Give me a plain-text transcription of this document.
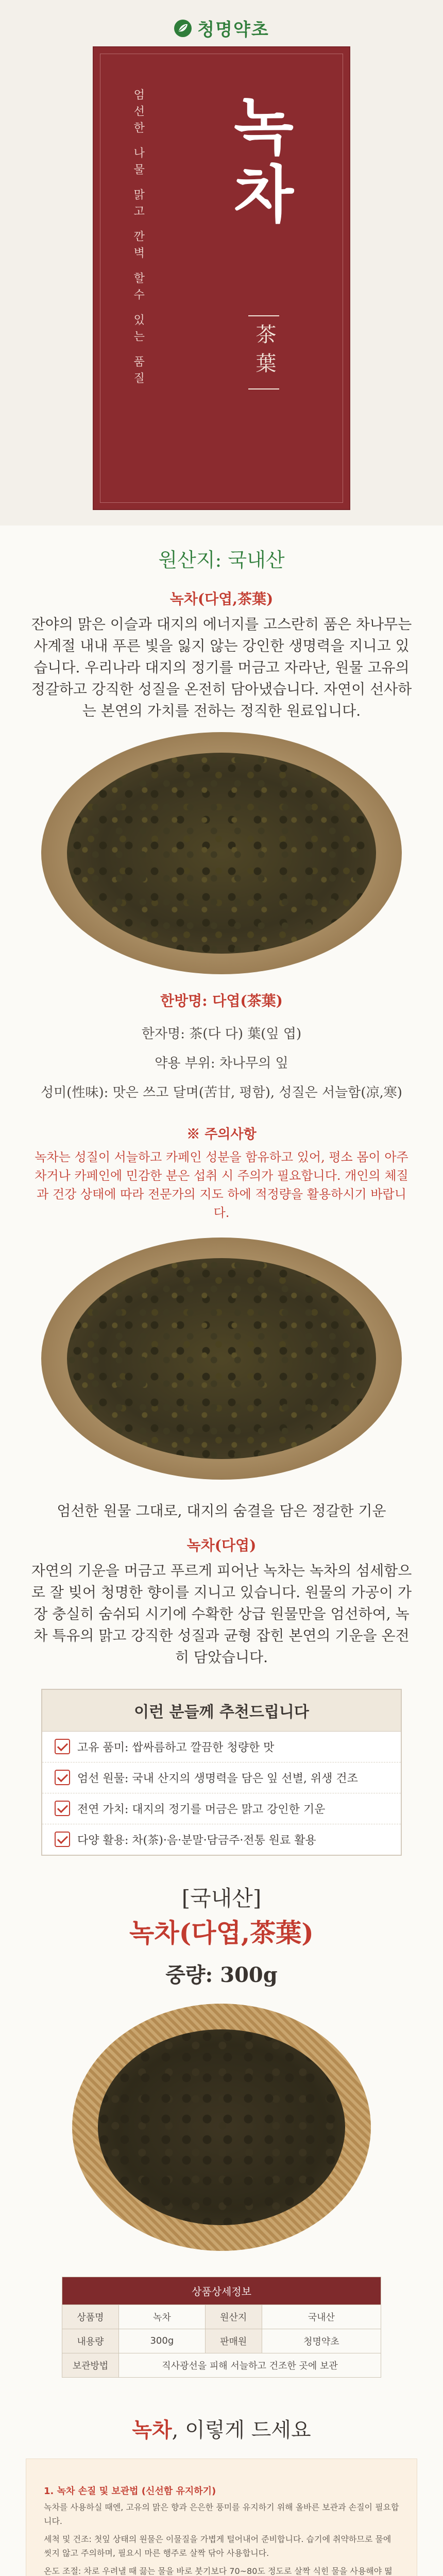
청명약초
엄선한 나물 맑고 깐벽 할수 있는 품질 녹차
茶葉
원산지: 국내산
녹차(다엽,茶葉)
잔야의 맑은 이슬과 대지의 에너지를 고스란히 품은 차나무는 사계절 내내 푸른 빛을 잃지 않는 강인한 생명력을 지니고 있습니다. 우리나라 대지의 정기를 머금고 자라난, 원물 고유의 정갈하고 강직한 성질을 온전히 담아냈습니다. 자연이 선사하는 본연의 가치를 전하는 정직한 원료입니다.
한방명: 다엽(茶葉)

한자명: 茶(다 다) 葉(잎 엽)

약용 부위: 차나무의 잎

성미(性味): 맛은 쓰고 달며(苦甘, 평함), 성질은 서늘함(凉,寒)

※ 주의사항
녹차는 성질이 서늘하고 카페인 성분을 함유하고 있어, 평소 몸이 아주 차거나 카페인에 민감한 분은 섭취 시 주의가 필요합니다. 개인의 체질과 건강 상태에 따라 전문가의 지도 하에 적정량을 활용하시기 바랍니다.
엄선한 원물 그대로, 대지의 숨결을 담은 정갈한 기운
녹차(다엽)
자연의 기운을 머금고 푸르게 피어난 녹차는 녹차의 섬세함으로 잘 빚어 청명한 향이를 지니고 있습니다. 원물의 가공이 가장 충실히 숨쉬되 시기에 수확한 상급 원물만을 엄선하여, 녹차 특유의 맑고 강직한 성질과 균형 잡힌 본연의 기운을 온전히 담았습니다.
이런 분들께 추천드립니다
고유 품미: 쌉싸름하고 깔끔한 청량한 맛
엄선 원물: 국내 산지의 생명력을 담은 잎 선별, 위생 건조
전연 가치: 대지의 정기를 머금은 맑고 강인한 기운
다양 활용: 차(茶)·음·분말·담금주·전통 원료 활용
[국내산]
녹차(다엽,茶葉)
중량: 300g
상품상세정보			
상품명	녹차	원산지	국내산
내용량	300g	판매원	청명약초
보관방법	직사광선을 피해 서늘하고 건조한 곳에 보관		
녹차, 이렇게 드세요
1. 녹차 손질 및 보관법 (신선함 유지하기)

녹차를 사용하실 때엔, 고유의 맑은 향과 은은한 풍미를 유지하기 위해 올바른 보관과 손질이 필요합니다.

세척 및 건조: 첫잎 상태의 원물은 이물질을 가볍게 털어내어 준비합니다. 습기에 취약하므로 물에 씻지 않고 주의하며, 필요시 마른 행주로 살짝 닦아 사용합니다.

온도 조절: 차로 우려낼 때 끓는 물을 바로 붓기보다 70~80도 정도로 살짝 식힌 물을 사용해야 떫
